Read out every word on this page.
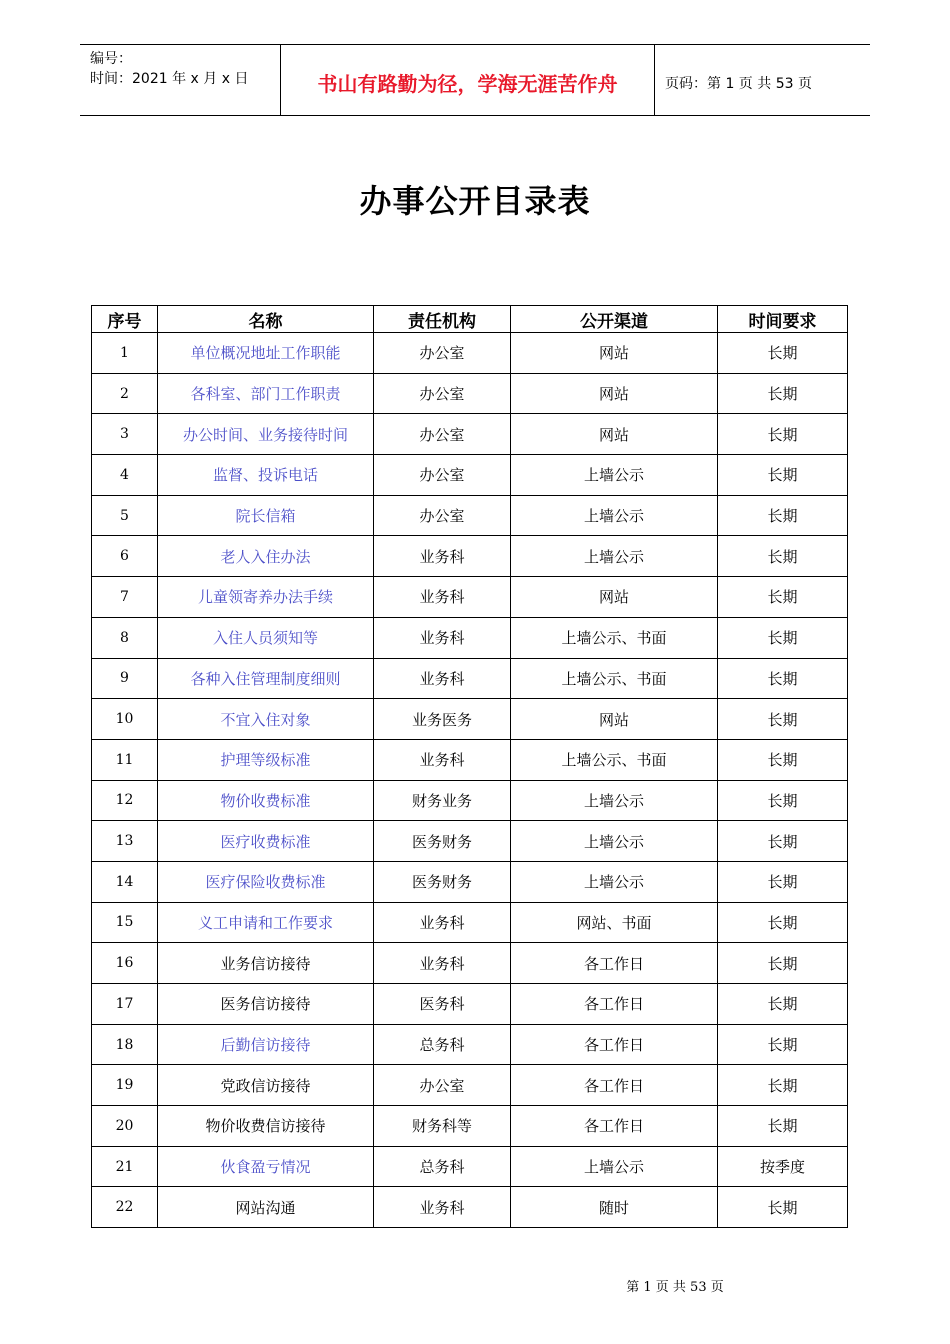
编号：
时间：2021 年 x 月 x 日	书山有路勤为径，学海无涯苦作舟	页码：第 1 页 共 53 页
办事公开目录表
序号	名称	责任机构	公开渠道	时间要求
1	单位概况地址工作职能	办公室	网站	长期
2	各科室、部门工作职责	办公室	网站	长期
3	办公时间、业务接待时间	办公室	网站	长期
4	监督、投诉电话	办公室	上墙公示	长期
5	院长信箱	办公室	上墙公示	长期
6	老人入住办法	业务科	上墙公示	长期
7	儿童领寄养办法手续	业务科	网站	长期
8	入住人员须知等	业务科	上墙公示、书面	长期
9	各种入住管理制度细则	业务科	上墙公示、书面	长期
10	不宜入住对象	业务医务	网站	长期
11	护理等级标准	业务科	上墙公示、书面	长期
12	物价收费标准	财务业务	上墙公示	长期
13	医疗收费标准	医务财务	上墙公示	长期
14	医疗保险收费标准	医务财务	上墙公示	长期
15	义工申请和工作要求	业务科	网站、书面	长期
16	业务信访接待	业务科	各工作日	长期
17	医务信访接待	医务科	各工作日	长期
18	后勤信访接待	总务科	各工作日	长期
19	党政信访接待	办公室	各工作日	长期
20	物价收费信访接待	财务科等	各工作日	长期
21	伙食盈亏情况	总务科	上墙公示	按季度
22	网站沟通	业务科	随时	长期
第 1 页 共 53 页
